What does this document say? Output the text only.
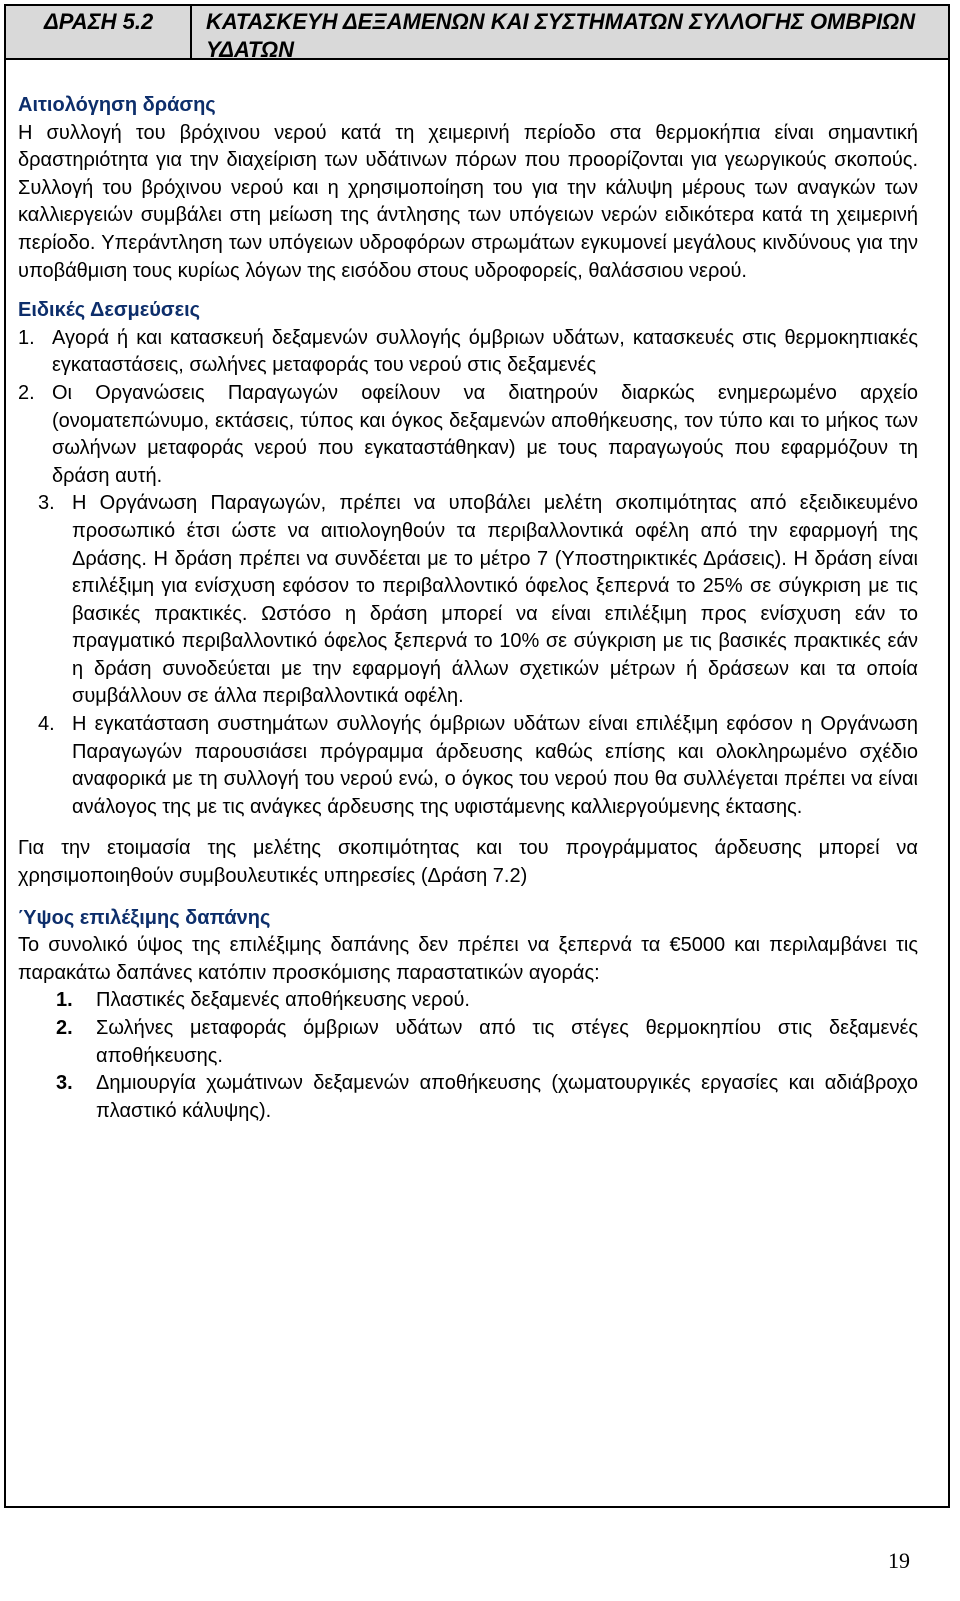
ΔΡΑΣΗ 5.2	ΚΑΤΑΣΚΕΥΗ ΔΕΞΑΜΕΝΩΝ ΚΑΙ ΣΥΣΤΗΜΑΤΩΝ ΣΥΛΛΟΓΗΣ ΟΜΒΡΙΩΝ ΥΔΑΤΩΝ
Αιτιολόγηση δράσης

Η συλλογή του βρόχινου νερού κατά τη χειμερινή περίοδο στα θερμοκήπια είναι σημαντική δραστηριότητα για την διαχείριση των υδάτινων πόρων που προορίζονται για γεωργικούς σκοπούς. Συλλογή του βρόχινου νερού και η χρησιμοποίηση του για την κάλυψη μέρους των αναγκών των καλλιεργειών συμβάλει στη μείωση της άντλησης των υπόγειων νερών ειδικότερα κατά τη χειμερινή περίοδο. Υπεράντληση των υπόγειων υδροφόρων στρωμάτων εγκυμονεί μεγάλους κινδύνους για την υποβάθμιση τους κυρίως λόγων της εισόδου στους υδροφορείς, θαλάσσιου νερού.

Ειδικές Δεσμεύσεις
1. Αγορά ή και κατασκευή δεξαμενών συλλογής όμβριων υδάτων, κατασκευές στις θερμοκηπιακές εγκαταστάσεις, σωλήνες μεταφοράς του νερού στις δεξαμενές
2. Οι Οργανώσεις Παραγωγών οφείλουν να διατηρούν διαρκώς ενημερωμένο αρχείο (ονοματεπώνυμο, εκτάσεις, τύπος και όγκος δεξαμενών αποθήκευσης, τον τύπο και το μήκος των σωλήνων μεταφοράς νερού που εγκαταστάθηκαν) με τους παραγωγούς που εφαρμόζουν τη δράση αυτή.
3. Η Οργάνωση Παραγωγών, πρέπει να υποβάλει μελέτη σκοπιμότητας από εξειδικευμένο προσωπικό έτσι ώστε να αιτιολογηθούν τα περιβαλλοντικά οφέλη από την εφαρμογή της Δράσης. Η δράση πρέπει να συνδέεται με το μέτρο 7 (Υποστηρικτικές Δράσεις). Η δράση είναι επιλέξιμη για ενίσχυση εφόσον το περιβαλλοντικό όφελος ξεπερνά το 25% σε σύγκριση με τις βασικές πρακτικές. Ωστόσο η δράση μπορεί να είναι επιλέξιμη προς ενίσχυση εάν το πραγματικό περιβαλλοντικό όφελος ξεπερνά το 10% σε σύγκριση με τις βασικές πρακτικές εάν η δράση συνοδεύεται με την εφαρμογή άλλων σχετικών μέτρων ή δράσεων και τα οποία συμβάλλουν σε άλλα περιβαλλοντικά οφέλη.
4. Η εγκατάσταση συστημάτων συλλογής όμβριων υδάτων είναι επιλέξιμη εφόσον η Οργάνωση Παραγωγών παρουσιάσει πρόγραμμα άρδευσης καθώς επίσης και ολοκληρωμένο σχέδιο αναφορικά με τη συλλογή του νερού ενώ, ο όγκος του νερού που θα συλλέγεται πρέπει να είναι ανάλογος της με τις ανάγκες άρδευσης της υφιστάμενης καλλιεργούμενης έκτασης.

Για την ετοιμασία της μελέτης σκοπιμότητας και του προγράμματος άρδευσης μπορεί να χρησιμοποιηθούν συμβουλευτικές υπηρεσίες (Δράση 7.2)

Ύψος επιλέξιμης δαπάνης

Το συνολικό ύψος της επιλέξιμης δαπάνης δεν πρέπει να ξεπερνά τα €5000 και περιλαμβάνει τις παρακάτω δαπάνες κατόπιν προσκόμισης παραστατικών αγοράς:

1.	Πλαστικές δεξαμενές αποθήκευσης νερού.
2.	Σωλήνες μεταφοράς όμβριων υδάτων από τις στέγες θερμοκηπίου στις δεξαμενές αποθήκευσης.
3.	Δημιουργία χωμάτινων δεξαμενών αποθήκευσης (χωματουργικές εργασίες και αδιάβροχο πλαστικό κάλυψης).
19
